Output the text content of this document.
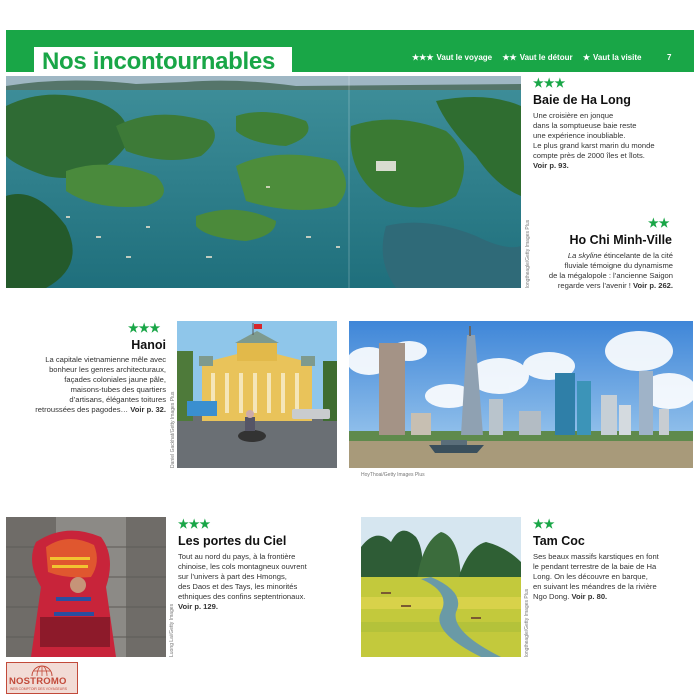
Nos incontournables	★★★ Vaut le voyage ★★ Vaut le détour ★ Vaut la visite	7
★★★
Baie de Ha Long
Une croisière en jonque
dans la somptueuse baie reste
une expérience inoubliable.
Le plus grand karst marin du monde
compte près de 2000 îles et îlots.
Voir p. 93.
longtheagle/Getty Images Plus	★★
Ho Chi Minh-Ville
La skyline étincelante de la cité
fluviale témoigne du dynamisme
de la mégalopole : l’ancienne Saigon
regarde vers l’avenir ! Voir p. 262.
★★★
Hanoi
La capitale vietnamienne mêle avec
bonheur les genres architecturaux,
façades coloniales jaune pâle,
maisons-tubes des quartiers
d’artisans, élégantes toitures
retroussées des pagodes… Voir p. 32. Daniel Gackhat/Getty Images Plus
HoyThoai/Getty Images Plus
Luong Lai/Getty Images
★★★
Les portes du Ciel
Tout au nord du pays, à la frontière
chinoise, les cols montagneux ouvrent
sur l’univers à part des Hmongs,
des Daos et des Tays, les minorités
ethniques des confins septentrionaux.
Voir p. 129.	longtheagle/Getty Images Plus
★★
Tam Coc
Ses beaux massifs karstiques en font
le pendant terrestre de la baie de Ha
Long. On les découvre en barque,
en suivant les méandres de la rivière
Ngo Dong. Voir p. 80.
NOSTROMO
WEB COMPTOIR DES VOYAGEURS
